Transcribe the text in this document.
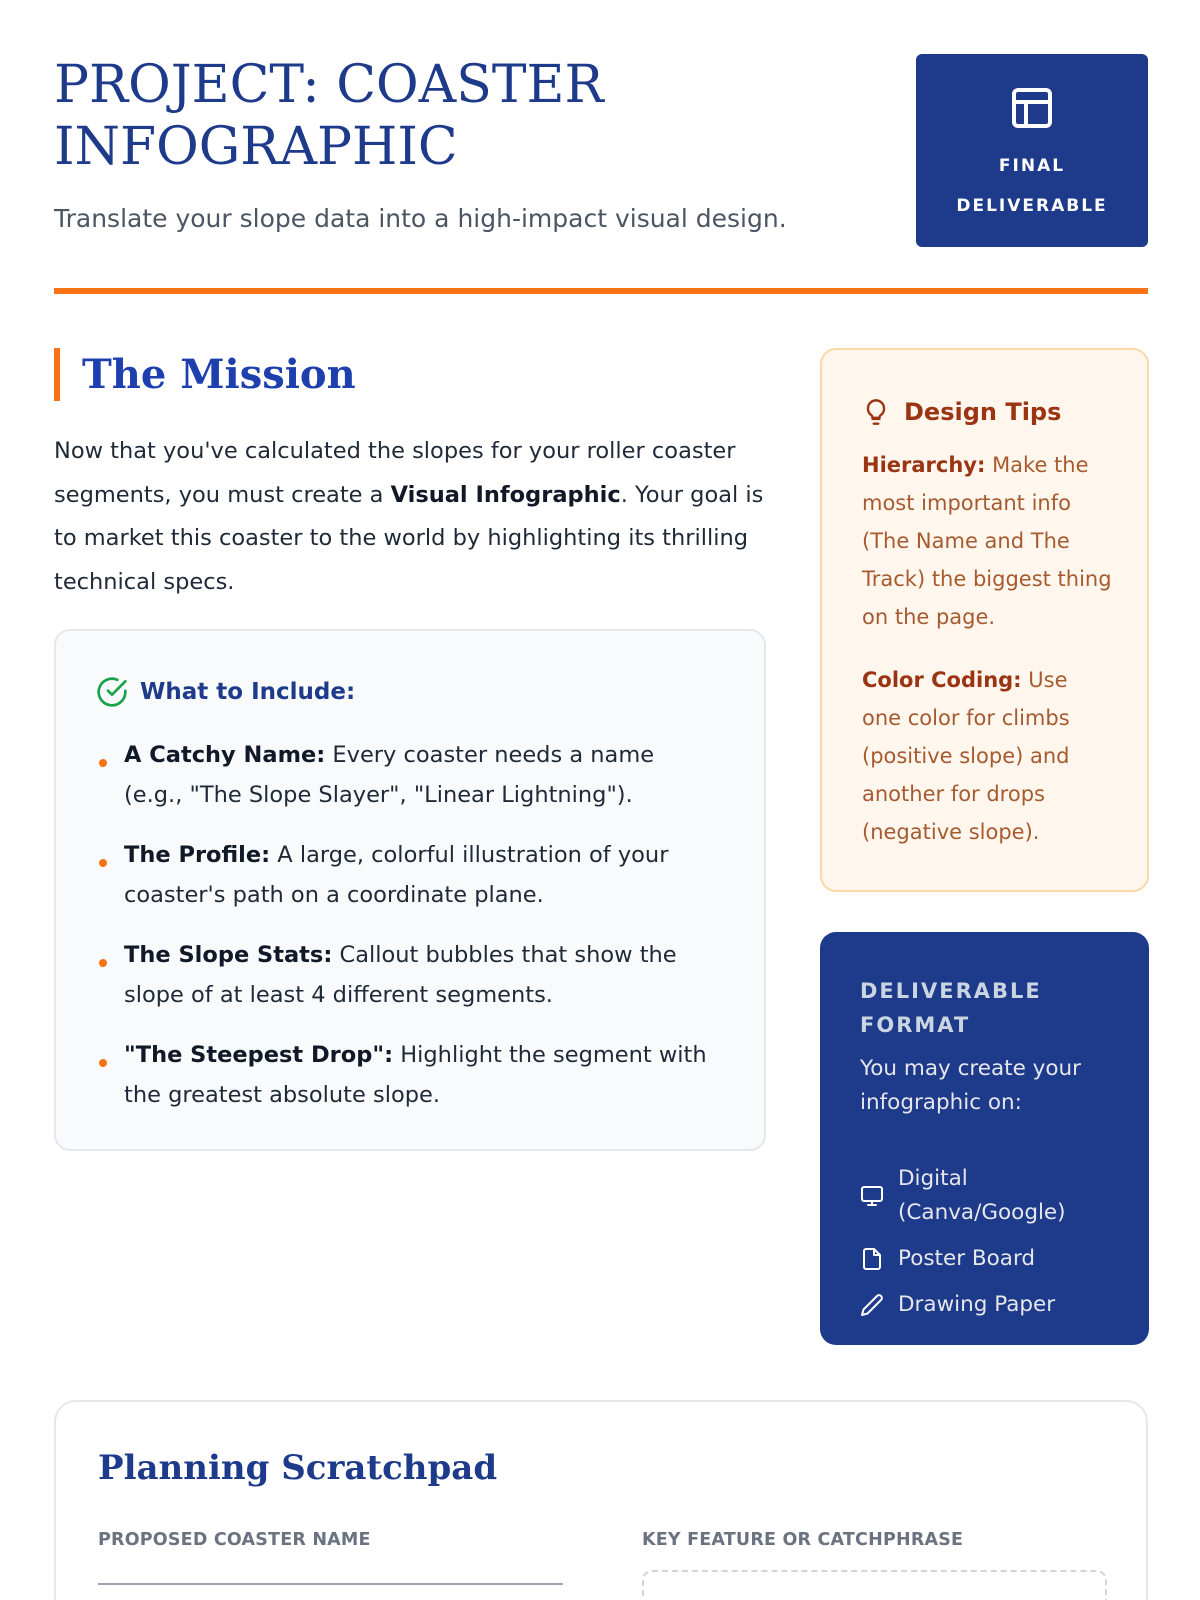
PROJECT: COASTER INFOGRAPHIC
Translate your slope data into a high-impact visual design.
FINAL
DELIVERABLE
The Mission

Now that you've calculated the slopes for your roller coaster segments, you must create a Visual Infographic. Your goal is to market this coaster to the world by highlighting its thrilling technical specs.

What to Include:
A Catchy Name: Every coaster needs a name (e.g., "The Slope Slayer", "Linear Lightning").
The Profile: A large, colorful illustration of your coaster's path on a coordinate plane.
The Slope Stats: Callout bubbles that show the slope of at least 4 different segments.
"The Steepest Drop": Highlight the segment with the greatest absolute slope.
Design Tips

Hierarchy: Make the most important info (The Name and The Track) the biggest thing on the page.

Color Coding: Use one color for climbs (positive slope) and another for drops (negative slope).

DELIVERABLE FORMAT
You may create your infographic on:
Digital (Canva/Google)
Poster Board
Drawing Paper
Planning Scratchpad
PROPOSED COASTER NAME	KEY FEATURE OR CATCHPHRASE
